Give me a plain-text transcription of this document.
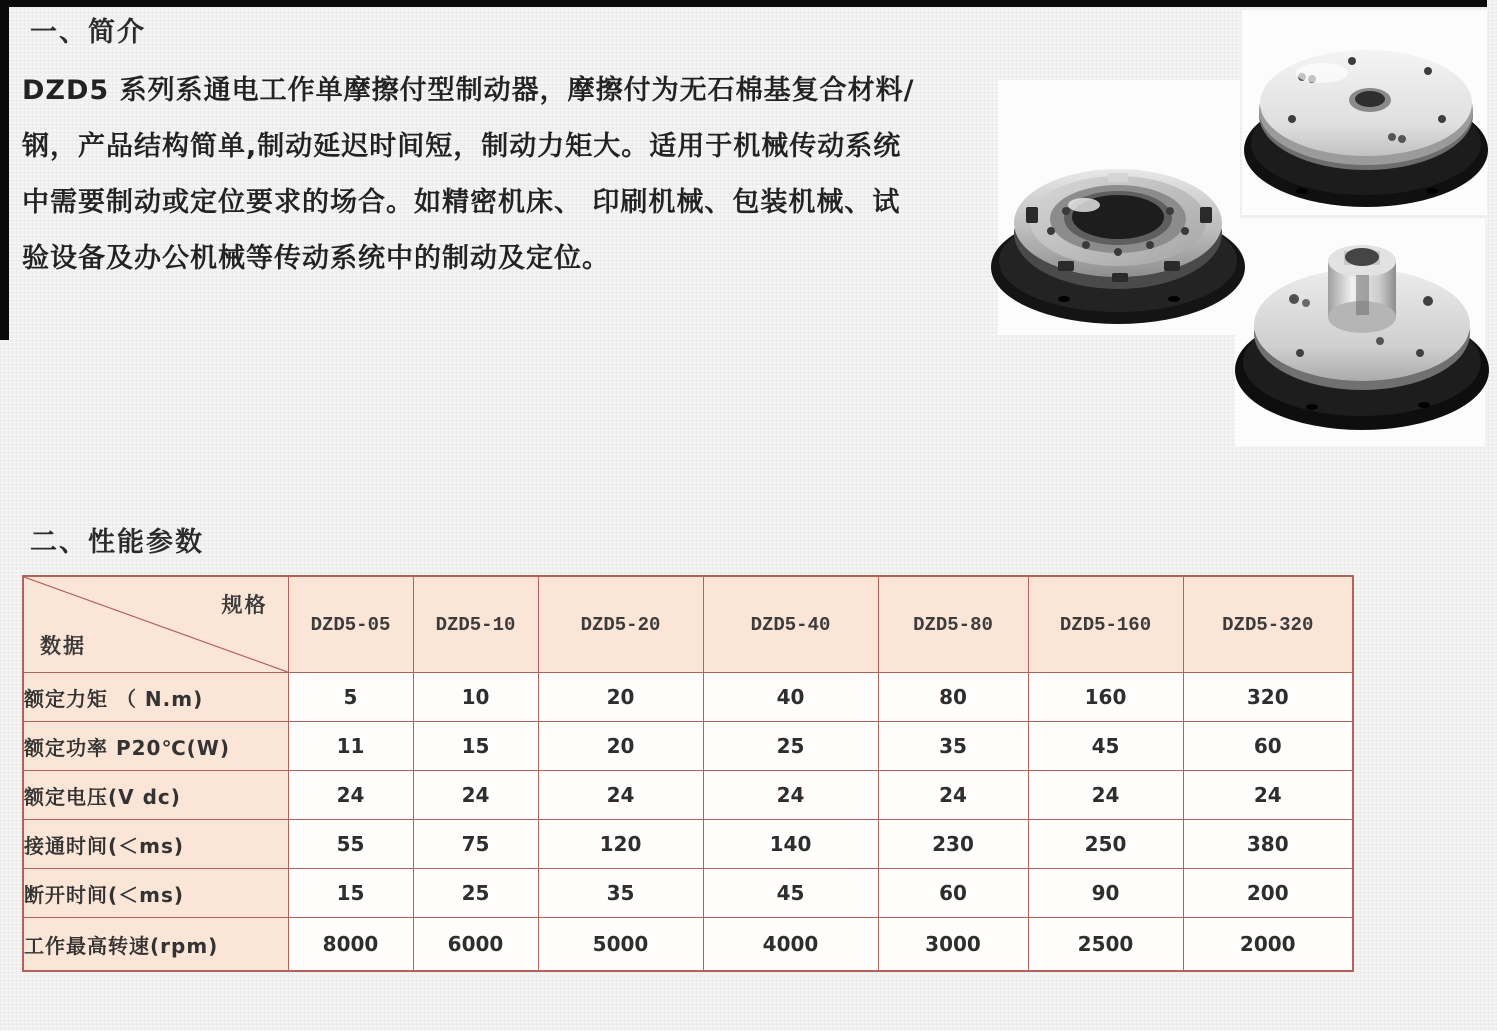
一、简介
DZD5 系列系通电工作单摩擦付型制动器，摩擦付为无石棉基复合材料/
钢，产品结构简单,制动延迟时间短，制动力矩大。适用于机械传动系统
中需要制动或定位要求的场合。如精密机床、 印刷机械、包装机械、试
验设备及办公机械等传动系统中的制动及定位。
二、性能参数
规格
数据	DZD5-05	DZD5-10	DZD5-20	DZD5-40	DZD5-80	DZD5-160	DZD5-320
额定力矩 （ N.m)	5	10	20	40	80	160	320
额定功率 P20℃(W)	11	15	20	25	35	45	60
额定电压(V dc)	24	24	24	24	24	24	24
接通时间(＜ms)	55	75	120	140	230	250	380
断开时间(＜ms)	15	25	35	45	60	90	200
工作最高转速(rpm)	8000	6000	5000	4000	3000	2500	2000
